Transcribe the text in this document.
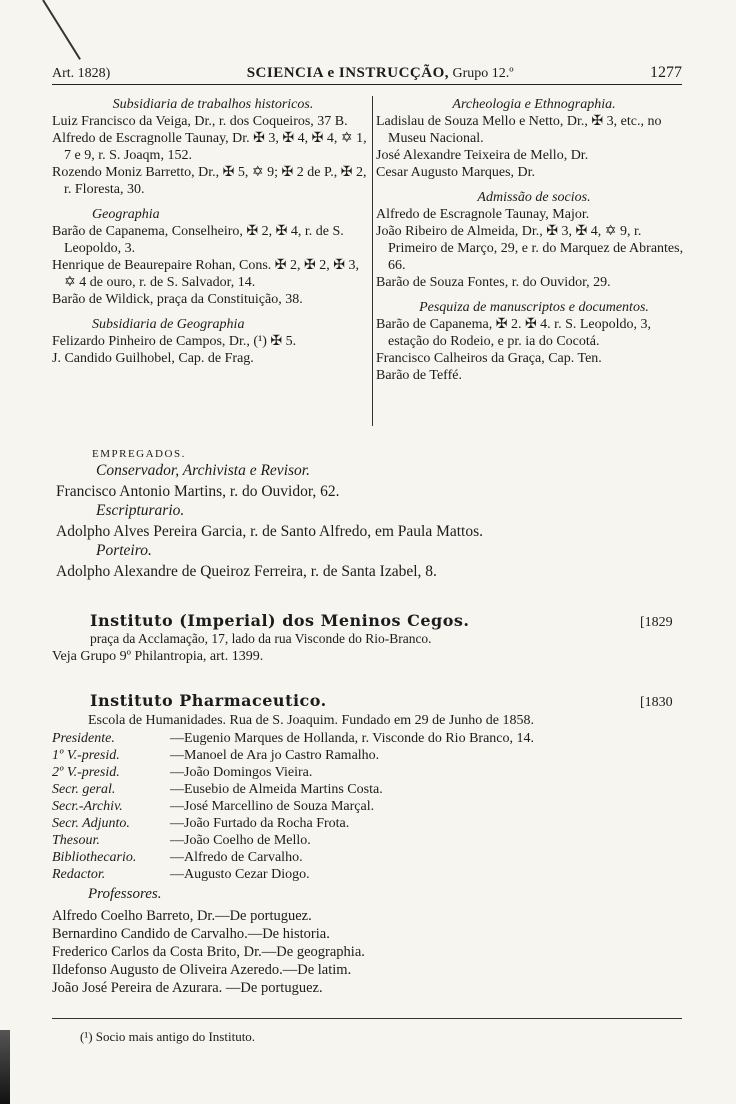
Art. 1828)	SCIENCIA e INSTRUCÇÃO, Grupo 12.º	1277

Subsidiaria de trabalhos historicos.

Luiz Francisco da Veiga, Dr., r. dos Coqueiros, 37 B.

Alfredo de Escragnolle Taunay, Dr. ✠ 3, ✠ 4, ✠ 4, ✡ 1, 7 e 9, r. S. Joaqm, 152.

Rozendo Moniz Barretto, Dr., ✠ 5, ✡ 9; ✠ 2 de P., ✠ 2, r. Floresta, 30.

Geographia

Barão de Capanema, Conselheiro, ✠ 2, ✠ 4, r. de S. Leopoldo, 3.

Henrique de Beaurepaire Rohan, Cons. ✠ 2, ✠ 2, ✠ 3, ✡ 4 de ouro, r. de S. Salvador, 14.

Barão de Wildick, praça da Constituição, 38.

Subsidiaria de Geographia

Felizardo Pinheiro de Campos, Dr., (¹) ✠ 5.

J. Candido Guilhobel, Cap. de Frag.

Archeologia e Ethnographia.

Ladislau de Souza Mello e Netto, Dr., ✠ 3, etc., no Museu Nacional.

José Alexandre Teixeira de Mello, Dr.

Cesar Augusto Marques, Dr.

Admissão de socios.

Alfredo de Escragnole Taunay, Major.

João Ribeiro de Almeida, Dr., ✠ 3, ✠ 4, ✡ 9, r. Primeiro de Março, 29, e r. do Marquez de Abrantes, 66.

Barão de Souza Fontes, r. do Ouvidor, 29.

Pesquiza de manuscriptos e documentos.

Barão de Capanema, ✠ 2. ✠ 4. r. S. Leopoldo, 3, estação do Rodeio, e pr. ia do Cocotá.

Francisco Calheiros da Graça, Cap. Ten.

Barão de Teffé.

EMPREGADOS.
Conservador, Archivista e Revisor.
Francisco Antonio Martins, r. do Ouvidor, 62.
Escripturario.
Adolpho Alves Pereira Garcia, r. de Santo Alfredo, em Paula Mattos.
Porteiro.
Adolpho Alexandre de Queiroz Ferreira, r. de Santa Izabel, 8.
Instituto (Imperial) dos Meninos Cegos.	[1829
praça da Acclamação, 17, lado da rua Visconde do Rio-Branco.
Veja Grupo 9º Philantropia, art. 1399.
Instituto Pharmaceutico.	[1830
Escola de Humanidades. Rua de S. Joaquim. Fundado em 29 de Junho de 1858.
Presidente.	—Eugenio Marques de Hollanda, r. Visconde do Rio Branco, 14.
1º V.-presid.	—Manoel de Ara jo Castro Ramalho.
2º V.-presid.	—João Domingos Vieira.
Secr. geral.	—Eusebio de Almeida Martins Costa.
Secr.-Archiv.	—José Marcellino de Souza Marçal.
Secr. Adjunto.	—João Furtado da Rocha Frota.
Thesour.	—João Coelho de Mello.
Bibliothecario. —Alfredo de Carvalho.
Redactor.	—Augusto Cezar Diogo.
Professores.
Alfredo Coelho Barreto, Dr.—De portuguez.
Bernardino Candido de Carvalho.—De historia.
Frederico Carlos da Costa Brito, Dr.—De geographia.
Ildefonso Augusto de Oliveira Azeredo.—De latim.
João José Pereira de Azurara. —De portuguez.
(¹) Socio mais antigo do Instituto.
